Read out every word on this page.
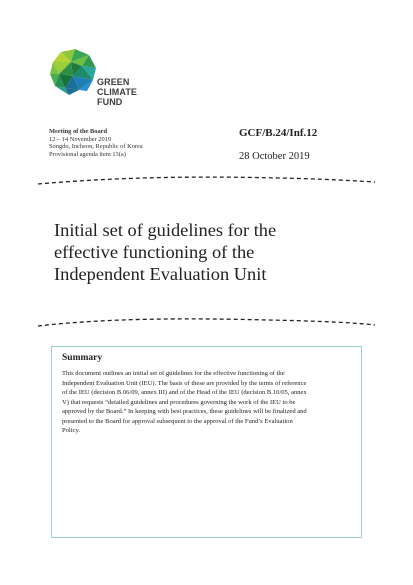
GREEN
CLIMATE
FUND
Meeting of the Board
12 – 14 November 2019
Songdo, Incheon, Republic of Korea
Provisional agenda item 13(a)
GCF/B.24/Inf.12
28 October 2019
Initial set of guidelines for the
effective functioning of the
Independent Evaluation Unit
Summary
This document outlines an initial set of guidelines for the effective functioning of the
Independent Evaluation Unit (IEU). The basis of these are provided by the terms of reference
of the IEU (decision B.06/09, annex III) and of the Head of the IEU (decision B.10/05, annex
V) that requests “detailed guidelines and procedures governing the work of the IEU to be
approved by the Board.” In keeping with best practices, these guidelines will be finalized and
presented to the Board for approval subsequent to the approval of the Fund’s Evaluation
Policy.
